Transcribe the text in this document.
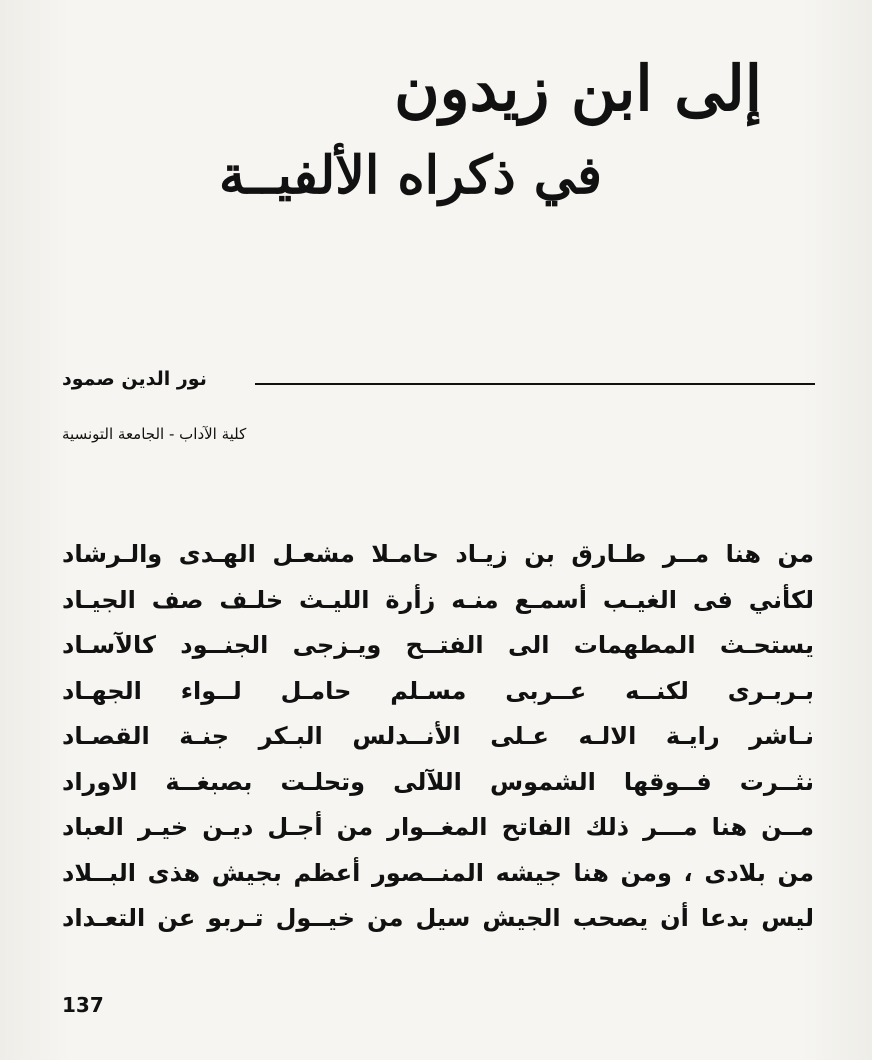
إلى ابن زيدون
في ذكراه الألفيــة
نور الدين صمود
كلية الآداب - الجامعة التونسية
من هنا مــر طـارق بن زيـاد حامـلا مشعـل الهـدى والـرشاد
لكأني فى الغيـب أسمـع منـه زأرة الليـث خلـف صف الجيـاد
يستحـث المطهمات الى الفتــح ويـزجى الجنــود كالآسـاد
بـربـرى لكنــه عــربى مسـلم حامـل لــواء الجهـاد
نـاشر رايـة الالـه عـلى الأنــدلس البـكر جنـة القصـاد
نثــرت فــوقها الشموس اللآلى وتحلـت بصبغــة الاوراد
مــن هنا مـــر ذلك الفاتح المغــوار من أجـل ديـن خيـر العباد
من بلادى ، ومن هنا جيشه المنــصور أعظم بجيش هذى البــلاد
ليس بدعا أن يصحب الجيش سيل من خيــول تـربو عن التعـداد
137
